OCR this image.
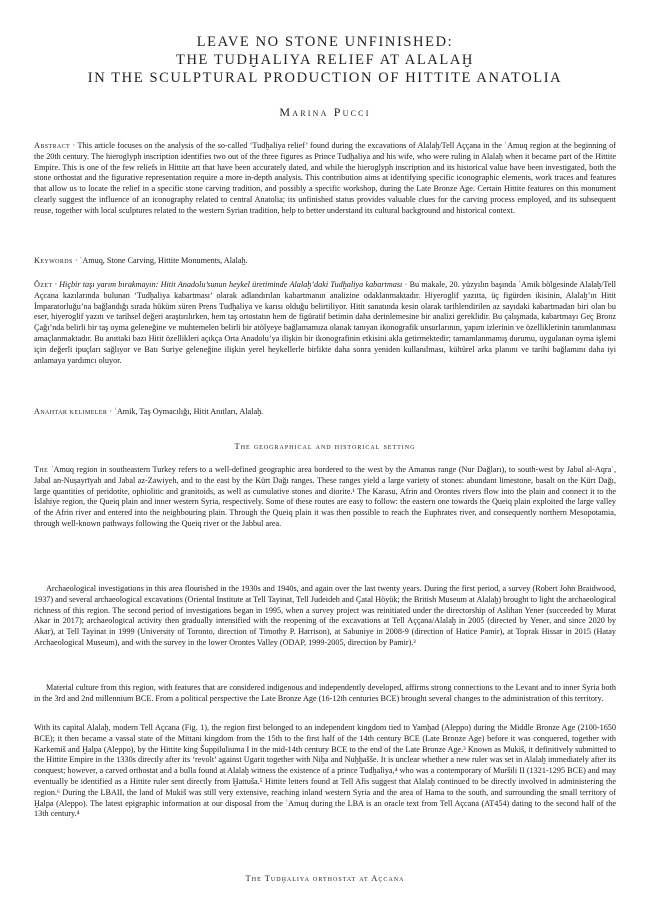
LEAVE NO STONE UNFINISHED:
THE TUDḪALIYA RELIEF AT ALALAḪ
IN THE SCULPTURAL PRODUCTION OF HITTITE ANATOLIA
Marina Pucci

Abstract · This article focuses on the analysis of the so-called ‘Tudḫaliya relief’ found during the excavations of Alalaḫ/Tell Aççana in the ʿAmuq region at the beginning of the 20th century. The hieroglyph inscription identifies two out of the three figures as Prince Tudḫaliya and his wife, who were ruling in Alalaḫ when it became part of the Hittite Empire. This is one of the few reliefs in Hittite art that have been accurately dated, and while the hieroglyph inscription and its historical value have been investigated, both the stone orthostat and the figurative representation require a more in-depth analysis. This contribution aims at identifying specific iconographic elements, work traces and features that allow us to locate the relief in a specific stone carving tradition, and possibly a specific workshop, during the Late Bronze Age. Certain Hittite features on this monument clearly suggest the influence of an iconography related to central Anatolia; its unfinished status provides valuable clues for the carving process employed, and its subsequent reuse, together with local sculptures related to the western Syrian tradition, help to better understand its cultural background and historical context.

Keywords · ʿAmuq, Stone Carving, Hittite Monuments, Alalaḫ.

Özet · Hiçbir taşı yarım bırakmayın: Hitit Anadolu’sunun heykel üretiminde Alalaḫ’daki Tudḫaliya kabartması · Bu makale, 20. yüzyılın başında ʿAmik bölgesinde Alalaḫ/Tell Açcana kazılarında bulunan ‘Tudḫaliya kabartması’ olarak adlandırılan kabartmanın analizine odaklanmaktadır. Hiyeroglif yazıtta, üç figürden ikisinin, Alalaḫ’ın Hitit İmparatorluğu’na bağlandığı sırada hüküm süren Prens Tudḫaliya ve karısı olduğu belirtiliyor. Hitit sanatında kesin olarak tarihlendirilen az sayıdaki kabartmadan biri olan bu eser, hiyeroglif yazıtı ve tarihsel değeri araştırılırken, hem taş ortostatın hem de figüratif betimin daha derinlemesine bir analizi gereklidir. Bu çalışmada, kabartmayı Geç Bronz Çağı’nda belirli bir taş oyma geleneğine ve muhtemelen belirli bir atölyeye bağlamamıza olanak tanıyan ikonografik unsurlarının, yapım izlerinin ve özelliklerinin tanımlanması amaçlanmaktadır. Bu anıttaki bazı Hitit özellikleri açıkça Orta Anadolu’ya ilişkin bir ikonografinin etkisini akla getirmektedir; tamamlanmamış durumu, uygulanan oyma işlemi için değerli ipuçları sağlıyor ve Batı Suriye geleneğine ilişkin yerel heykellerle birlikte daha sonra yeniden kullanılması, kültürel arka planını ve tarihi bağlamını daha iyi anlamaya yardımcı oluyor.

Anahtar kelimeler · ʿAmik, Taş Oymacılığı, Hitit Anıtları, Alalaḫ.

The geographical and historical setting

The ʿAmuq region in southeastern Turkey refers to a well-defined geographic area bordered to the west by the Amanus range (Nur Dağları), to south-west by Jabal al-Aqraʿ, Jabal an-Nuṣayrīyah and Jabal az-Zawiyeh, and to the east by the Kürt Dağı ranges. These ranges yield a large variety of stones: abundant limestone, basalt on the Kürt Dağı, large quantities of peridotite, ophiolitic and granitoids, as well as cumulative stones and diorite.¹ The Karasu, Afrin and Orontes rivers flow into the plain and connect it to the İslahiye region, the Queiq plain and inner western Syria, respectively. Some of these routes are easy to follow: the eastern one towards the Queiq plain exploited the large valley of the Afrin river and entered into the neighbouring plain. Through the Queiq plain it was then possible to reach the Euphrates river, and consequently northern Mesopotamia, through well-known pathways following the Queiq river or the Jabbul area.

Archaeological investigations in this area flourished in the 1930s and 1940s, and again over the last twenty years. During the first period, a survey (Robert John Braidwood, 1937) and several archaeological excavations (Oriental Institute at Tell Tayinat, Tell Judeideh and Çatal Höyük; the British Museum at Alalaḫ) brought to light the archaeological richness of this region. The second period of investigations began in 1995, when a survey project was reinitiated under the directorship of Aslihan Yener (succeeded by Murat Akar in 2017); archaeological activity then gradually intensified with the reopening of the excavations at Tell Aççana/Alalaḫ in 2005 (directed by Yener, and since 2020 by Akar), at Tell Tayinat in 1999 (University of Toronto, direction of Timothy P. Harrison), at Sabuniye in 2008-9 (direction of Hatice Pamir), at Toprak Hissar in 2015 (Hatay Archaeological Museum), and with the survey in the lower Orontes Valley (ODAP, 1999-2005, direction by Pamir).²

Material culture from this region, with features that are considered indigenous and independently developed, affirms strong connections to the Levant and to inner Syria both in the 3rd and 2nd millennium BCE. From a political perspective the Late Bronze Age (16-12th centuries BCE) brought several changes to the administration of this territory.

With its capital Alalaḫ, modern Tell Açcana (Fig. 1), the region first belonged to an independent kingdom tied to Yamḫad (Aleppo) during the Middle Bronze Age (2100-1650 BCE); it then became a vassal state of the Mittani kingdom from the 15th to the first half of the 14th century BCE (Late Bronze Age) before it was conquered, together with Karkemiš and Ḫalpa (Aleppo), by the Hittite king Šuppiluliuma I in the mid-14th century BCE to the end of the Late Bronze Age.³ Known as Mukiš, it definitively submitted to the Hittite Empire in the 1330s directly after its ‘revolt’ against Ugarit together with Niḫa and Nuḫḫašše. It is unclear whether a new ruler was set in Alalaḫ immediately after its conquest; however, a carved orthostat and a bulla found at Alalaḫ witness the existence of a prince Tudḫaliya,⁴ who was a contemporary of Muršili II (1321-1295 BCE) and may eventually be identified as a Hittite ruler sent directly from Ḫattuša.⁵ Hittite letters found at Tell Afis suggest that Alalaḫ continued to be directly involved in administering the region.⁶ During the LBAII, the land of Mukiš was still very extensive, reaching inland western Syria and the area of Hama to the south, and surrounding the small territory of Ḫalpa (Aleppo). The latest epigraphic information at our disposal from the ʿAmuq during the LBA is an oracle text from Tell Açcana (AT454) dating to the second half of the 13th century.⁴

The Tudḫaliya orthostat at Açcana
